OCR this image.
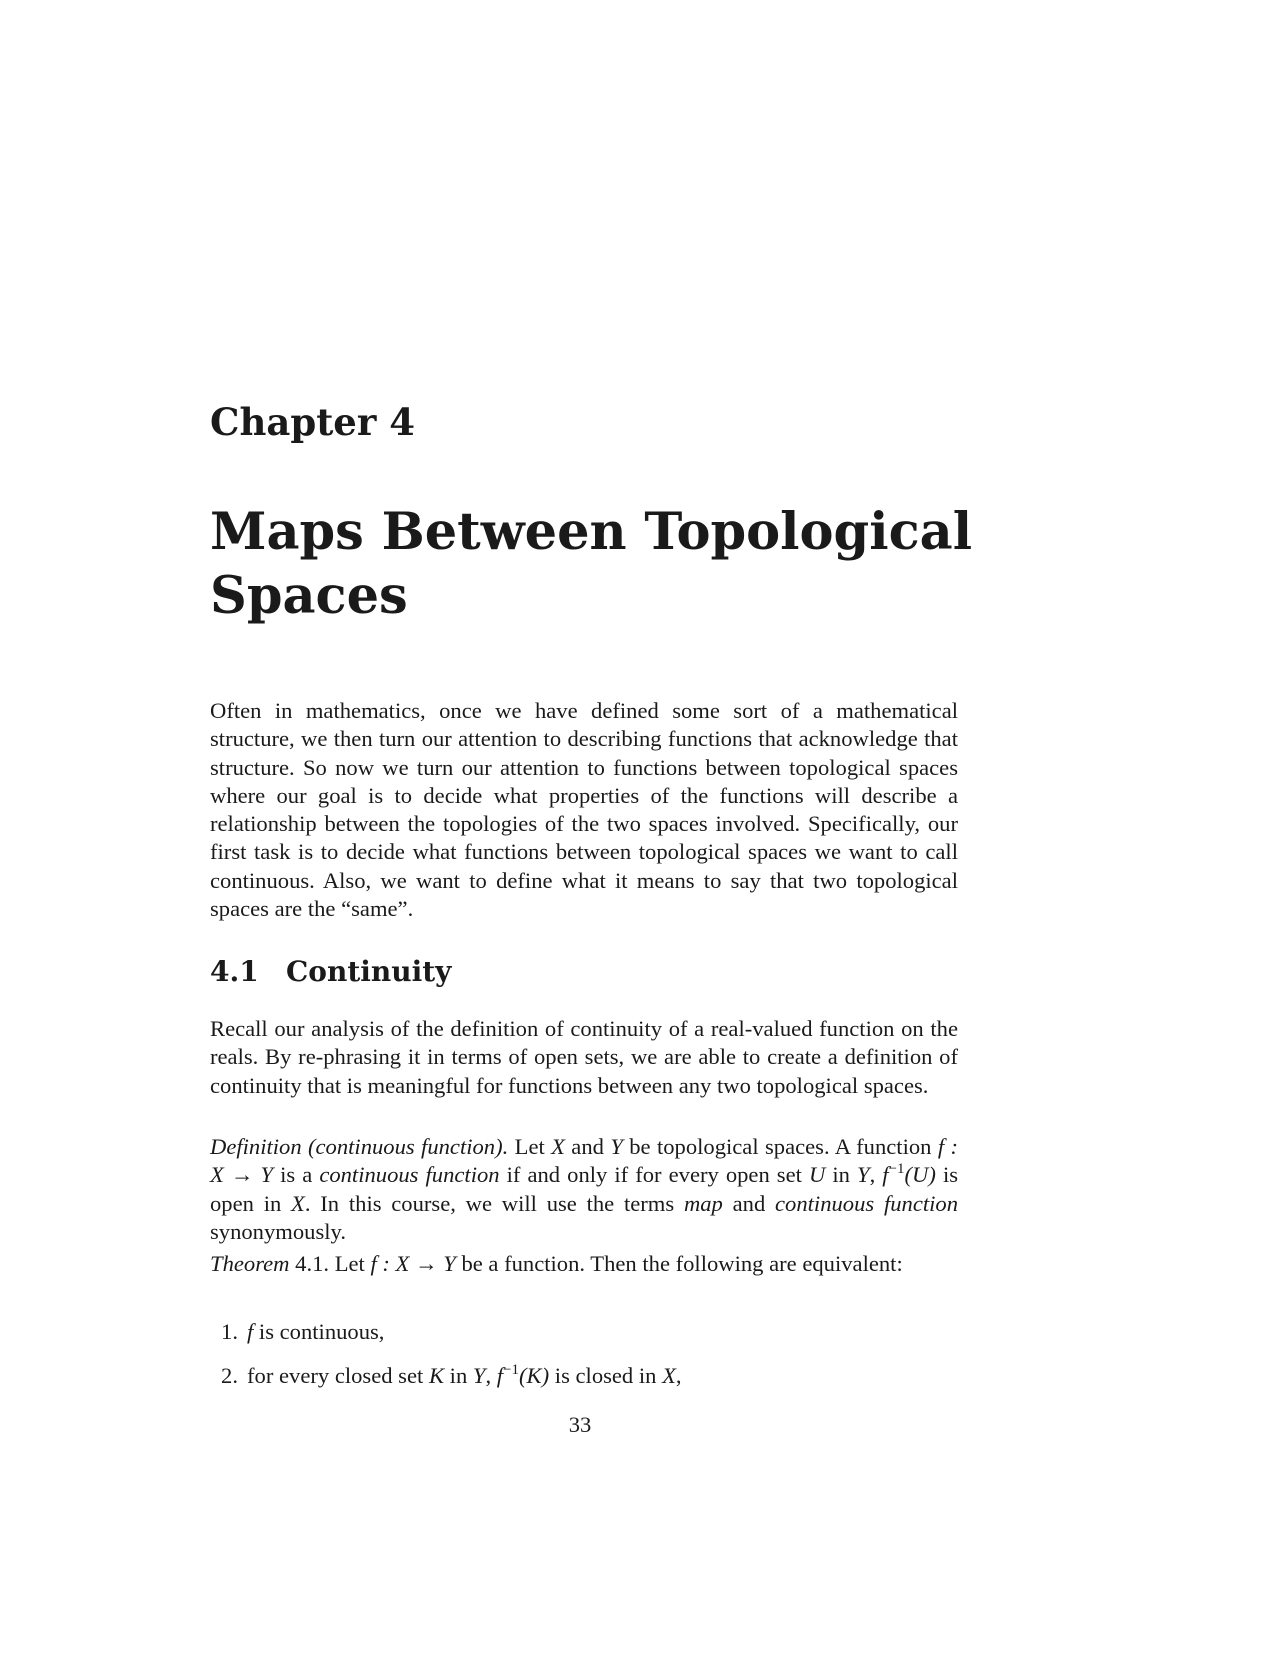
Chapter 4
Maps Between Topological Spaces

Often in mathematics, once we have defined some sort of a mathematical structure, we then turn our attention to describing functions that acknowledge that structure. So now we turn our attention to functions between topological spaces where our goal is to decide what properties of the functions will describe a relationship between the topologies of the two spaces involved. Specifically, our first task is to decide what functions between topological spaces we want to call continuous. Also, we want to define what it means to say that two topological spaces are the “same”.

4.1 Continuity

Recall our analysis of the definition of continuity of a real-valued function on the reals. By re-phrasing it in terms of open sets, we are able to create a definition of continuity that is meaningful for functions between any two topological spaces.

Definition (continuous function). Let X and Y be topological spaces. A function f : X → Y is a continuous function if and only if for every open set U in Y, $f^{-1}(U)$ is open in X. In this course, we will use the terms map and continuous function synonymously.

Theorem 4.1. Let f : X → Y be a function. Then the following are equivalent:

1. f is continuous,
2. for every closed set K in Y, $f^{-1}(K)$ is closed in X,

33
